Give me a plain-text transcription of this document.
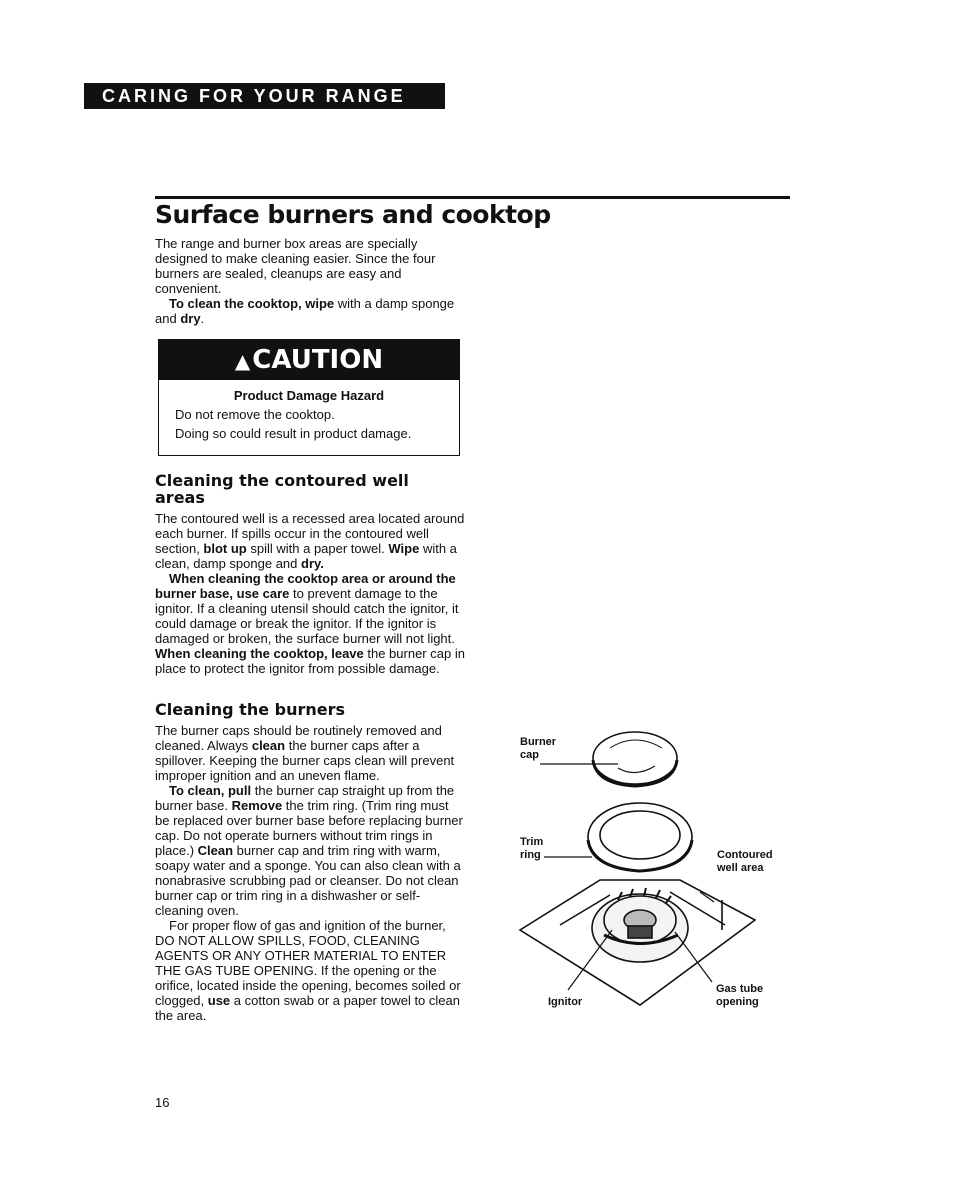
CARING FOR YOUR RANGE
Surface burners and cooktop

The range and burner box areas are specially designed to make cleaning easier. Since the four burners are sealed, cleanups are easy and convenient.

To clean the cooktop, wipe with a damp sponge and dry.

▲CAUTION
Product Damage Hazard
Do not remove the cooktop.
Doing so could result in product damage.
Cleaning the contoured well areas

The contoured well is a recessed area located around each burner. If spills occur in the contoured well section, blot up spill with a paper towel. Wipe with a clean, damp sponge and dry.

When cleaning the cooktop area or around the burner base, use care to prevent damage to the ignitor. If a cleaning utensil should catch the ignitor, it could damage or break the ignitor. If the ignitor is damaged or broken, the surface burner will not light. When cleaning the cooktop, leave the burner cap in place to protect the ignitor from possible damage.

Cleaning the burners

The burner caps should be routinely removed and cleaned. Always clean the burner caps after a spillover. Keeping the burner caps clean will prevent improper ignition and an uneven flame.

To clean, pull the burner cap straight up from the burner base. Remove the trim ring. (Trim ring must be replaced over burner base before replacing burner cap. Do not operate burners without trim rings in place.) Clean burner cap and trim ring with warm, soapy water and a sponge. You can also clean with a nonabrasive scrubbing pad or cleanser. Do not clean burner cap or trim ring in a dishwasher or self-cleaning oven.

For proper flow of gas and ignition of the burner, DO NOT ALLOW SPILLS, FOOD, CLEANING AGENTS OR ANY OTHER MATERIAL TO ENTER THE GAS TUBE OPENING. If the opening or the orifice, located inside the opening, becomes soiled or clogged, use a cotton swab or a paper towel to clean the area.

Burner
cap
Trim
ring	Contoured
well area
Gas tube
opening
Ignitor
16
